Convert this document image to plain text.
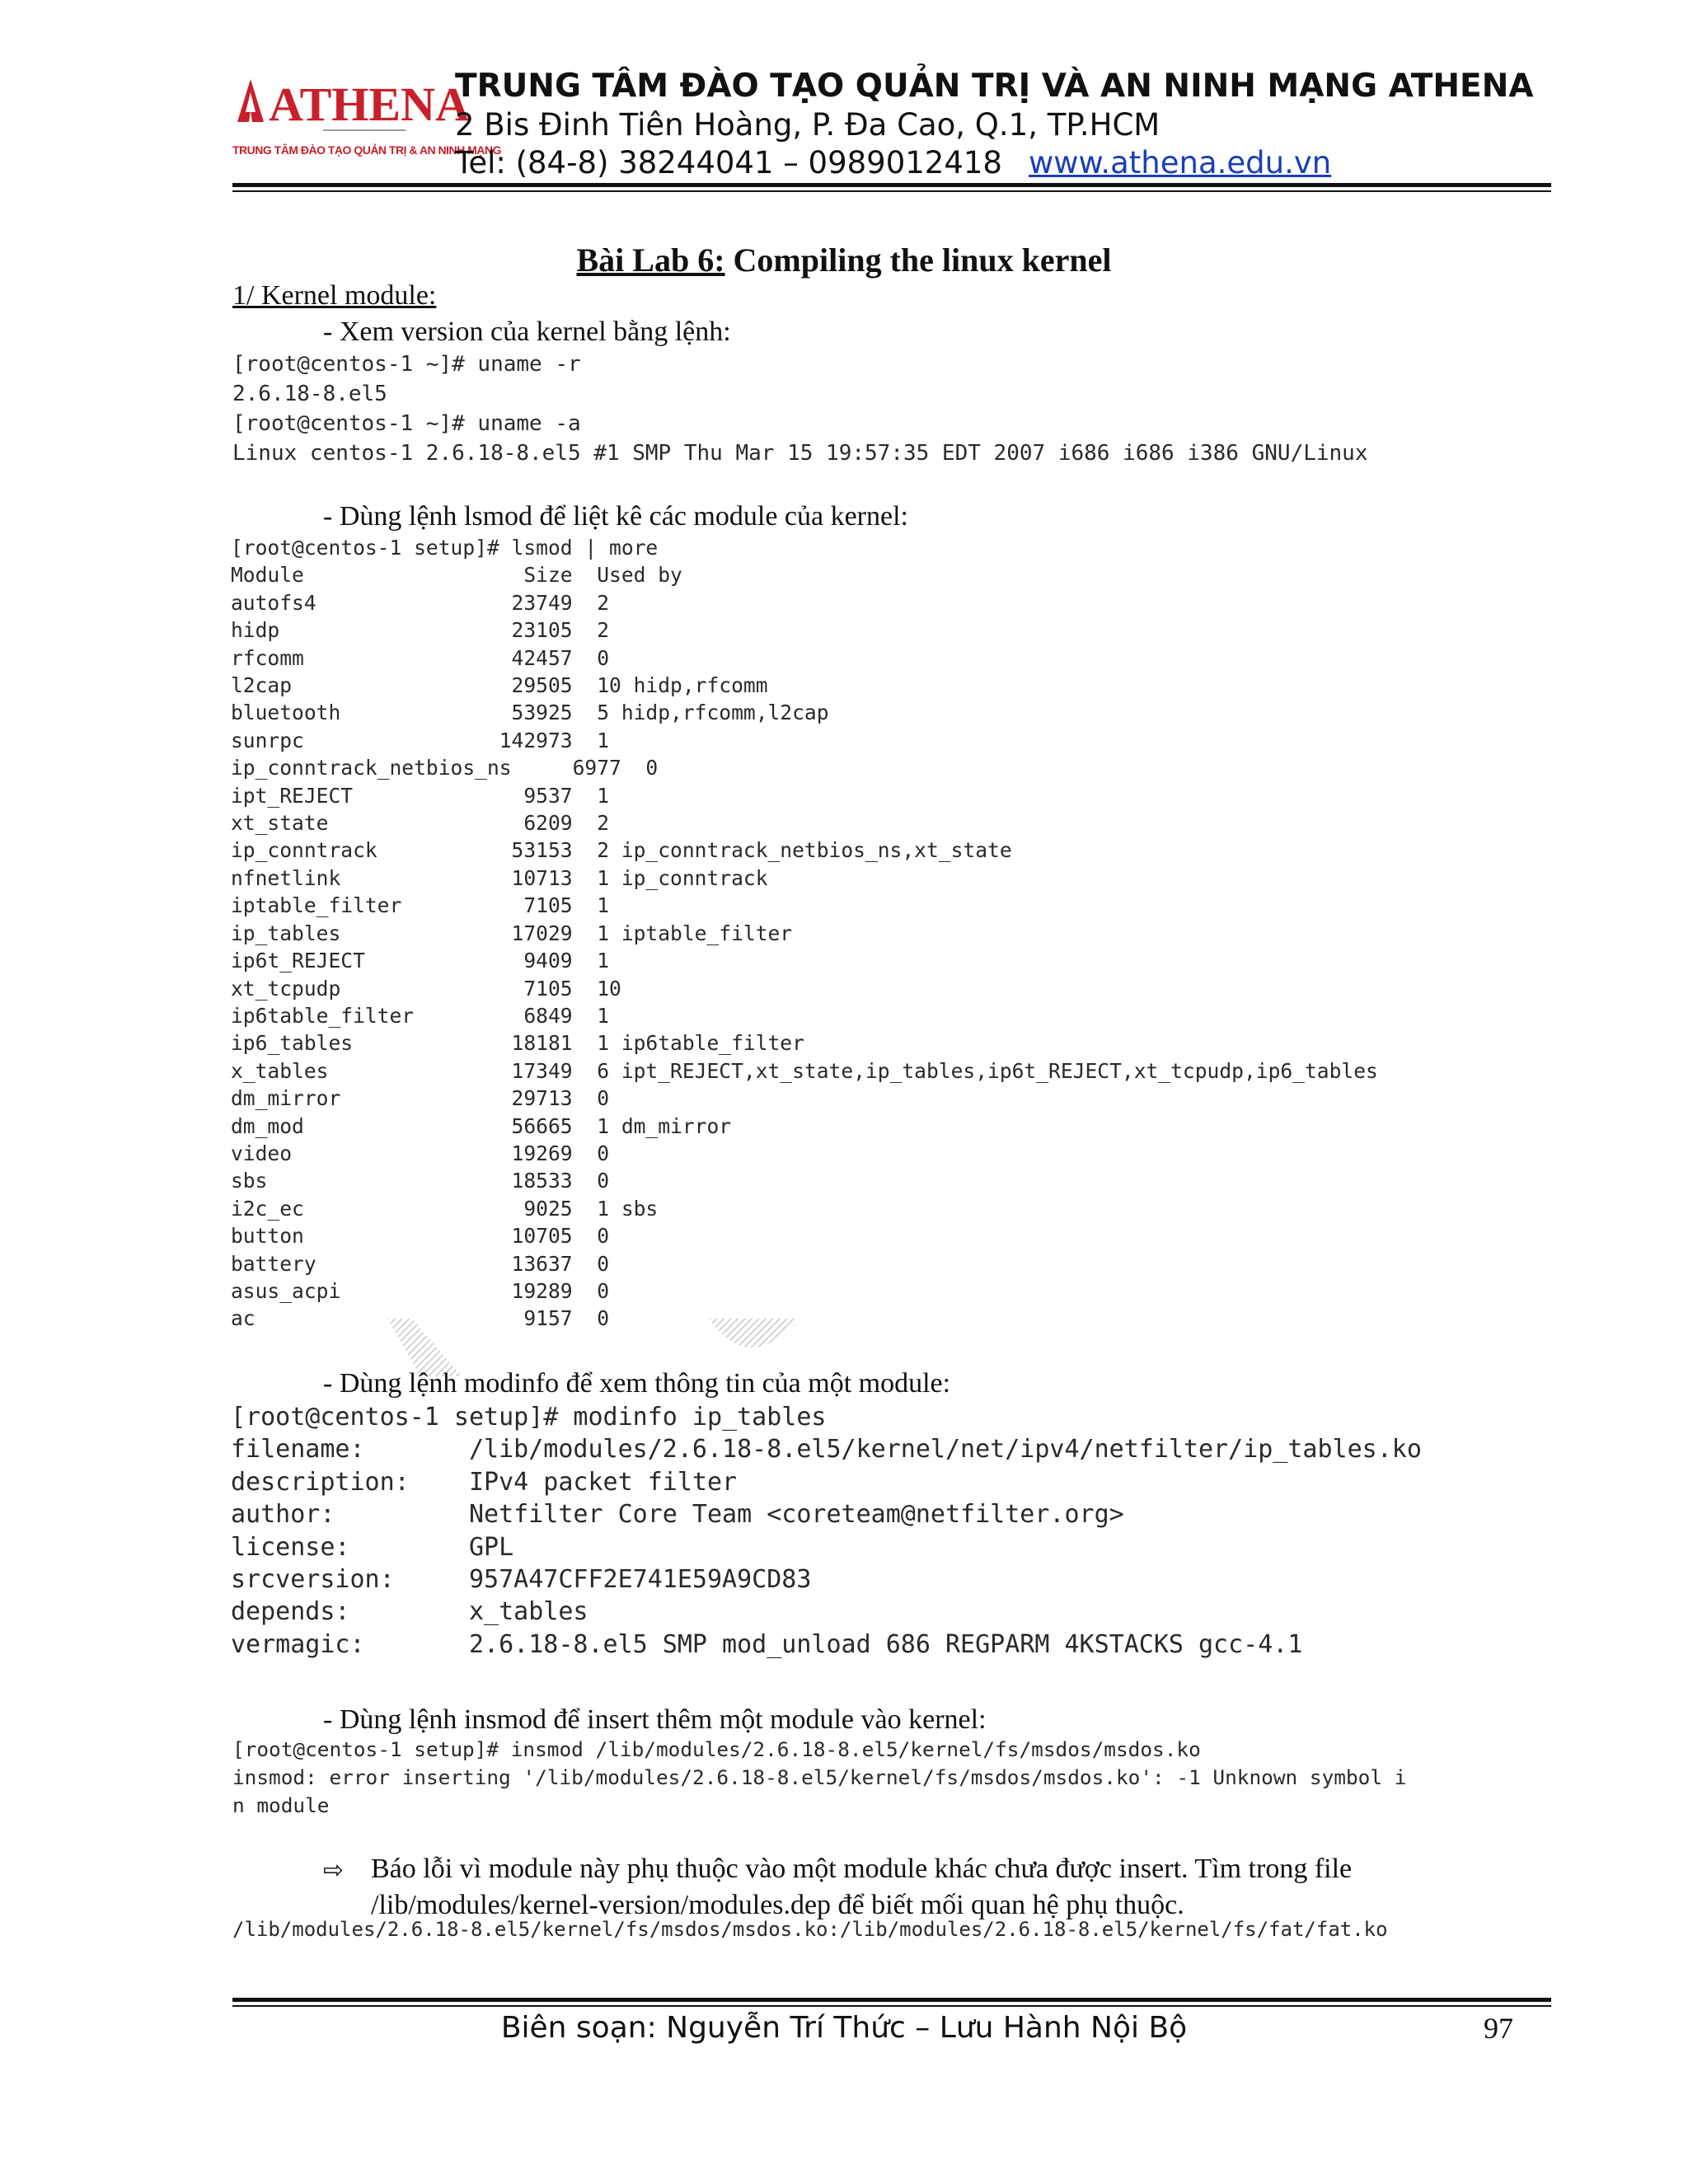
ATHENA
TRUNG TÂM ĐÀO TẠO QUẢN TRỊ & AN NINH MẠNG
TRUNG TÂM ĐÀO TẠO QUẢN TRỊ VÀ AN NINH MẠNG ATHENA
2 Bis Đinh Tiên Hoàng, P. Đa Cao, Q.1, TP.HCM
Tel: (84-8) 38244041 – 0989012418 www.athena.edu.vn
Bài Lab 6: Compiling the linux kernel
1/ Kernel module:
- Xem version của kernel bằng lệnh:
[root@centos-1 ~]# uname -r
2.6.18-8.el5
[root@centos-1 ~]# uname -a
Linux centos-1 2.6.18-8.el5 #1 SMP Thu Mar 15 19:57:35 EDT 2007 i686 i686 i386 GNU/Linux
- Dùng lệnh lsmod để liệt kê các module của kernel:
[root@centos-1 setup]# lsmod | more
Module                  Size  Used by
autofs4                23749  2
hidp                   23105  2
rfcomm                 42457  0
l2cap                  29505  10 hidp,rfcomm
bluetooth              53925  5 hidp,rfcomm,l2cap
sunrpc                142973  1
ip_conntrack_netbios_ns     6977  0
ipt_REJECT              9537  1
xt_state                6209  2
ip_conntrack           53153  2 ip_conntrack_netbios_ns,xt_state
nfnetlink              10713  1 ip_conntrack
iptable_filter          7105  1
ip_tables              17029  1 iptable_filter
ip6t_REJECT             9409  1
xt_tcpudp               7105  10
ip6table_filter         6849  1
ip6_tables             18181  1 ip6table_filter
x_tables               17349  6 ipt_REJECT,xt_state,ip_tables,ip6t_REJECT,xt_tcpudp,ip6_tables
dm_mirror              29713  0
dm_mod                 56665  1 dm_mirror
video                  19269  0
sbs                    18533  0
i2c_ec                  9025  1 sbs
button                 10705  0
battery                13637  0
asus_acpi              19289  0
ac                      9157  0
- Dùng lệnh modinfo để xem thông tin của một module:
[root@centos-1 setup]# modinfo ip_tables
filename:       /lib/modules/2.6.18-8.el5/kernel/net/ipv4/netfilter/ip_tables.ko
description:    IPv4 packet filter
author:         Netfilter Core Team <coreteam@netfilter.org>
license:        GPL
srcversion:     957A47CFF2E741E59A9CD83
depends:        x_tables
vermagic:       2.6.18-8.el5 SMP mod_unload 686 REGPARM 4KSTACKS gcc-4.1
- Dùng lệnh insmod để insert thêm một module vào kernel:
[root@centos-1 setup]# insmod /lib/modules/2.6.18-8.el5/kernel/fs/msdos/msdos.ko
insmod: error inserting '/lib/modules/2.6.18-8.el5/kernel/fs/msdos/msdos.ko': -1 Unknown symbol i
n module
⇨ Báo lỗi vì module này phụ thuộc vào một module khác chưa được insert. Tìm trong file /lib/modules/kernel-version/modules.dep để biết mối quan hệ phụ thuộc.
/lib/modules/2.6.18-8.el5/kernel/fs/msdos/msdos.ko:/lib/modules/2.6.18-8.el5/kernel/fs/fat/fat.ko
Biên soạn: Nguyễn Trí Thức – Lưu Hành Nội Bộ	97
